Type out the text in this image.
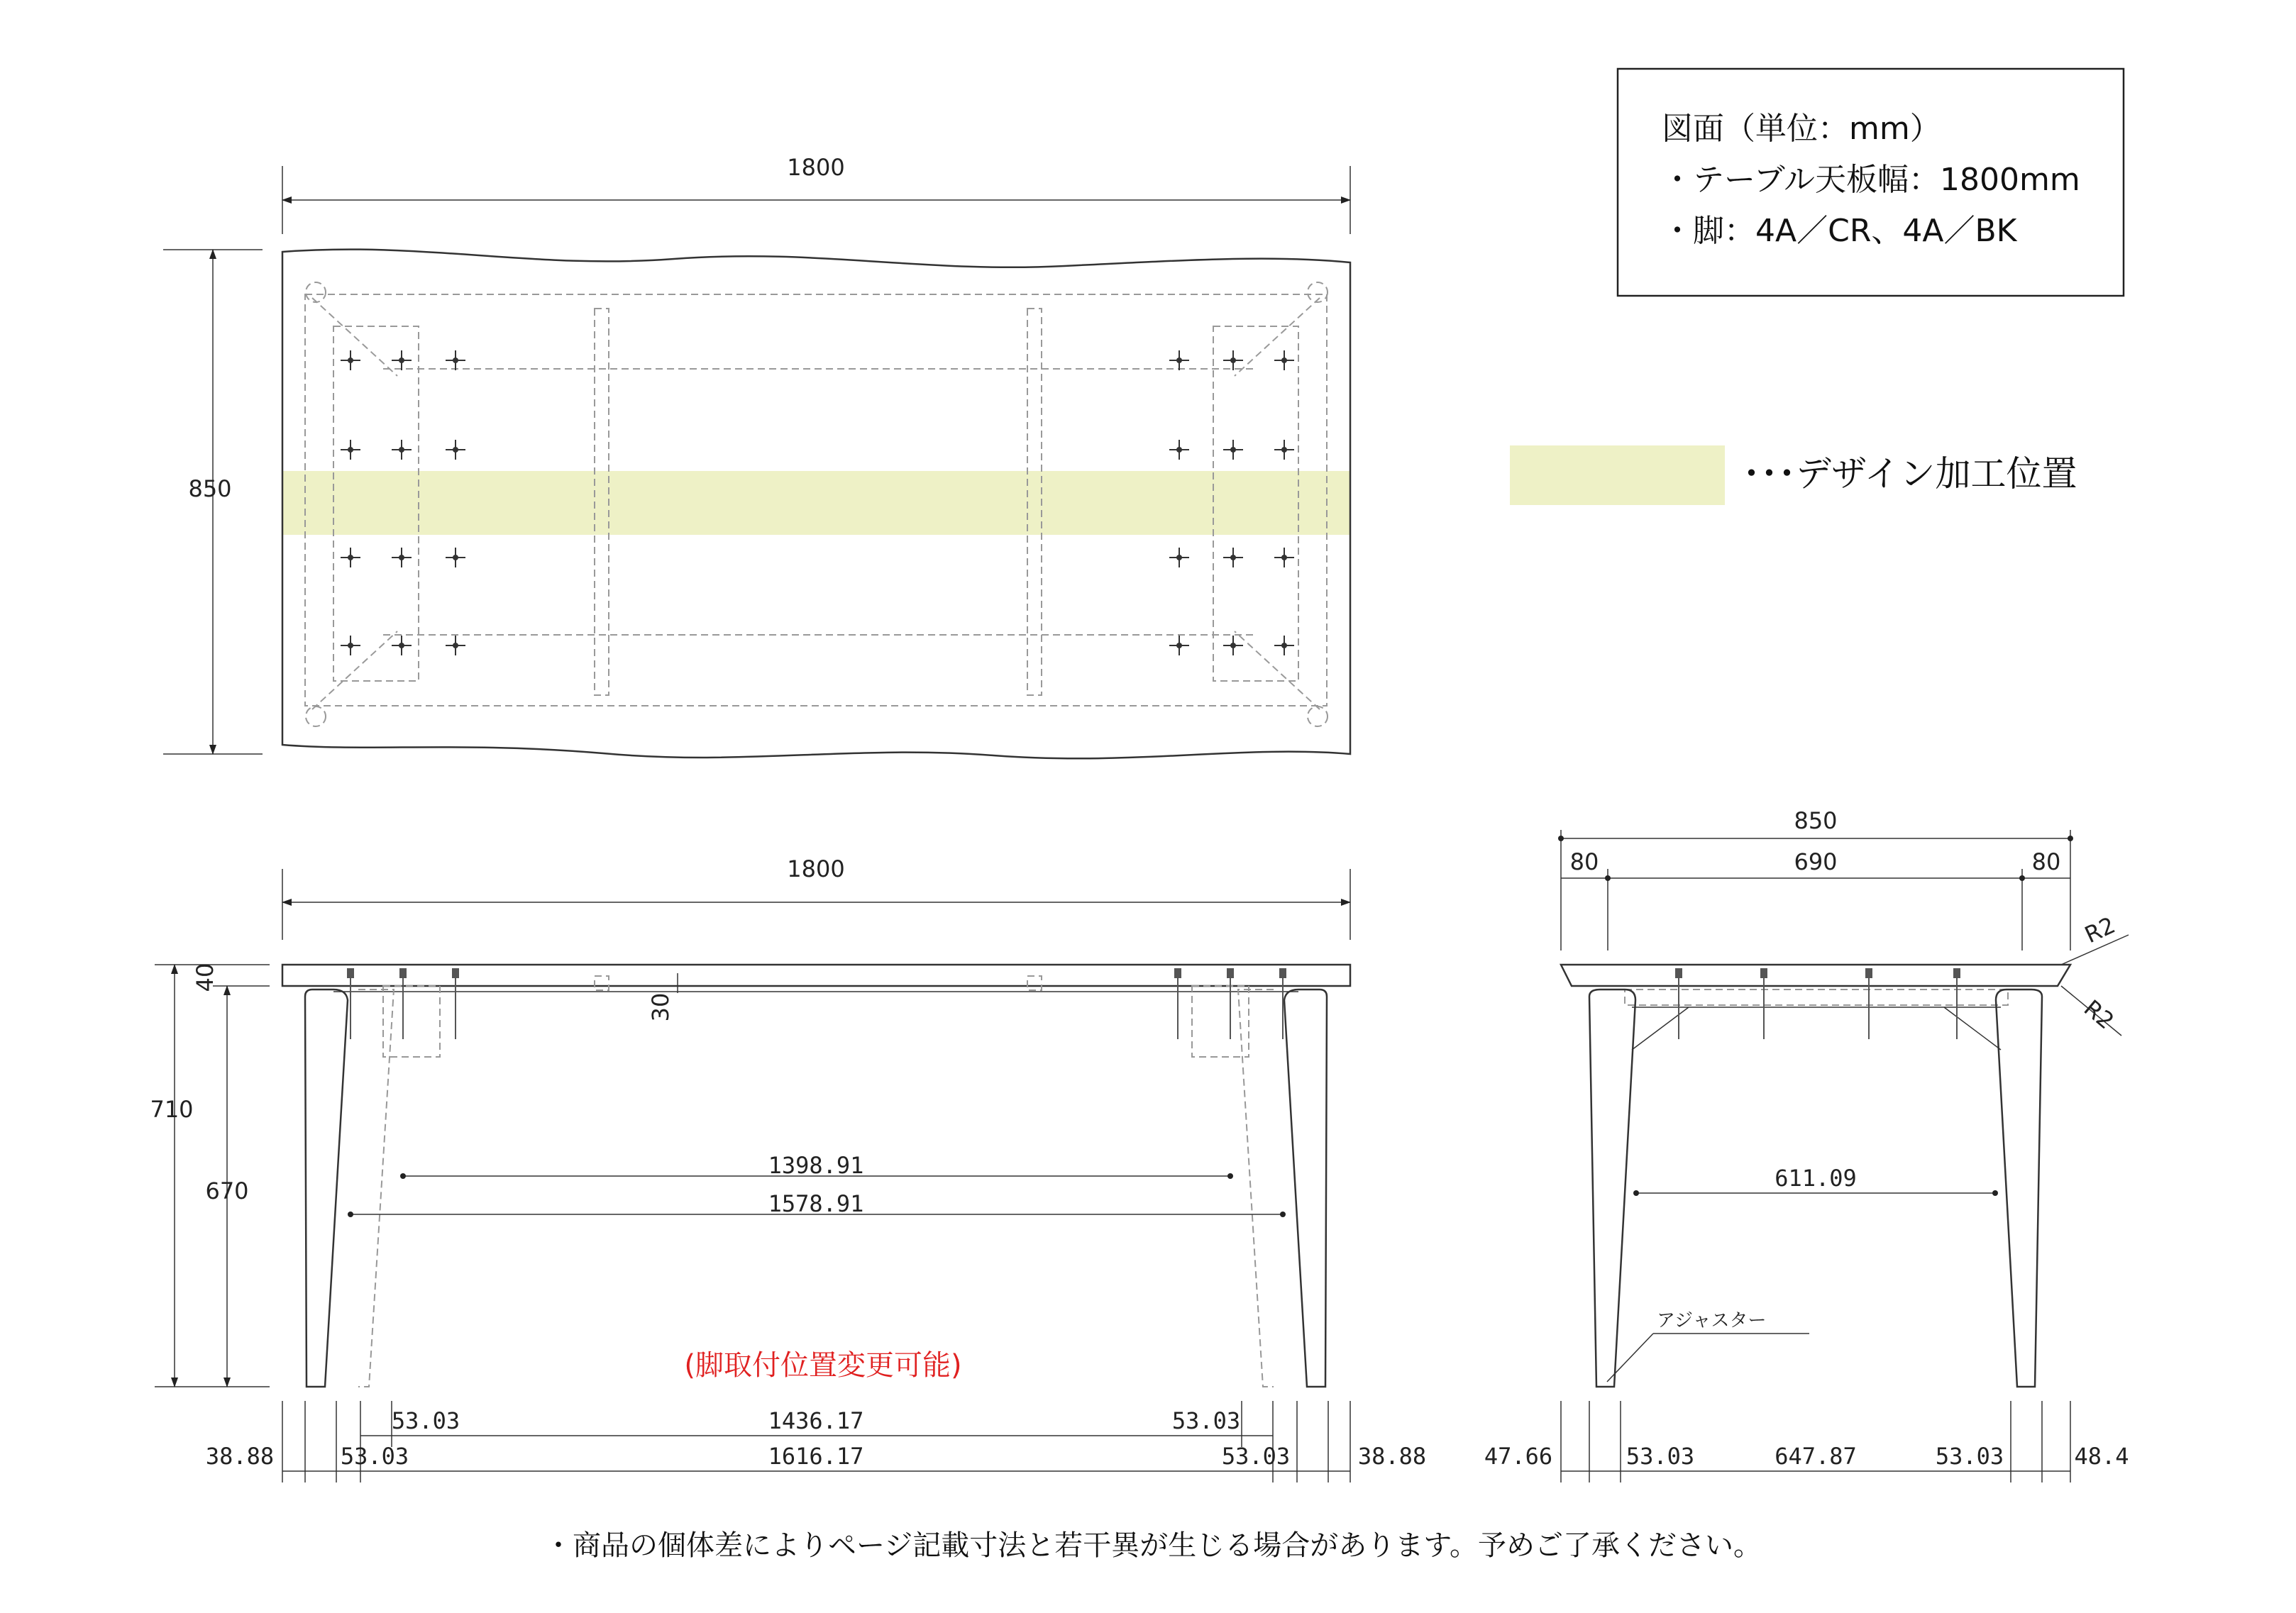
図面（単位：mm）
・テーブル天板幅：1800mm
・脚：4A／CR、4A／BK
･･･デザイン加工位置
1800
850
1800
710
670
40
30
1398.91
1578.91
(脚取付位置変更可能)
53.03	1436.17	53.03
38.88	53.03	1616.17	53.03	38.88
850
80	690	80
R2
R2
611.09
アジャスター
47.66	53.03	647.87	53.03	48.4
・商品の個体差によりページ記載寸法と若干異が生じる場合があります。予めご了承ください。
